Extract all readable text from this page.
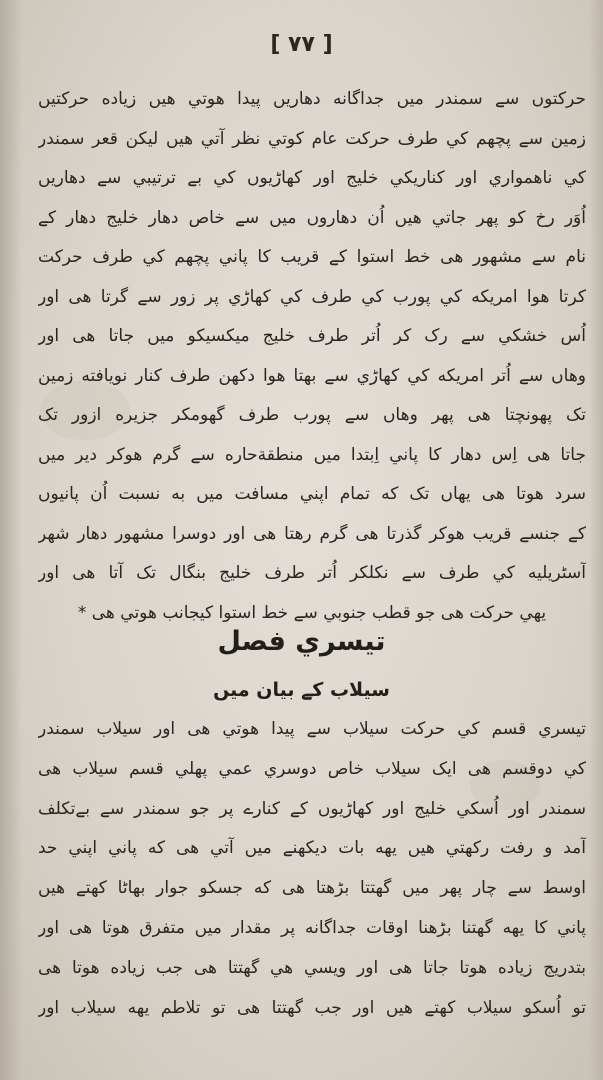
[ ۷۷ ]
حرکتوں سے سمندر میں جداگانه دهاریں پیدا هوتي هیں زیاده حرکتیں
زمین سے پچھم کي طرف حرکت عام کوتي نظر آتي هیں لیکن قعر سمندر
کي ناهمواري اور کناریکي خلیج اور کهاڑیوں کي بے ترتیبي سے دهاریں
اُوَر رخ کو پهر جاتي هیں اُن دهاروں میں سے خاص دهار خلیج دهار کے
نام سے مشهور هی خط استوا کے قریب کا پاني پچھم کي طرف حرکت
کرتا هوا امریکه کي پورب کي طرف کي کهاڑي پر زور سے گرتا هی اور
اُس خشکي سے رک کر اُتر طرف خلیج میکسیکو میں جاتا هی اور
وهاں سے اُتر امریکه کي کهاڑي سے بهتا هوا دکهن طرف کنار نویافته زمین
تک پهونچتا هی پهر وهاں سے پورب طرف گهومکر جزیره ازور تک
جاتا هی اِس دهار کا پاني اِبتدا میں منطقةحاره سے گرم هوکر دیر میں
سرد هوتا هی یهاں تک که تمام اپني مسافت میں به نسبت اُن پانیوں
کے جنسے قریب هوکر گذرتا هی گرم رهتا هی اور دوسرا مشهور دهار شهر
آسٹریلیه کي طرف سے نکلکر اُتر طرف خلیج بنگال تک آتا هی اور
یهي حرکت هی جو قطب جنوبي سے خط استوا کیجانب هوتي هی *
تیسري فصل
سیلاب کے بیان میں
تیسري قسم کي حرکت سیلاب سے پیدا هوتي هی اور سیلاب سمندر
کي دوقسم هی ایک سیلاب خاص دوسري عمي پهلي قسم سیلاب هی
سمندر اور اُسکي خلیج اور کهاڑیوں کے کنارے پر جو سمندر سے بےتکلف
آمد و رفت رکهتي هیں یهه بات دیکهنے میں آتي هی که پاني اپني حد
اوسط سے چار پهر میں گهتتا بڑهتا هی که جسکو جوار بهاٹا کهتے هیں
پاني کا یهه گهتنا بڑهنا اوقات جداگانه پر مقدار میں متفرق هوتا هی اور
بتدریج زیاده هوتا جاتا هی اور ویسي هي گهتتا هی جب زیاده هوتا هی
تو اُسکو سیلاب کهتے هیں اور جب گهتتا هی تو تلاطم یهه سیلاب اور
